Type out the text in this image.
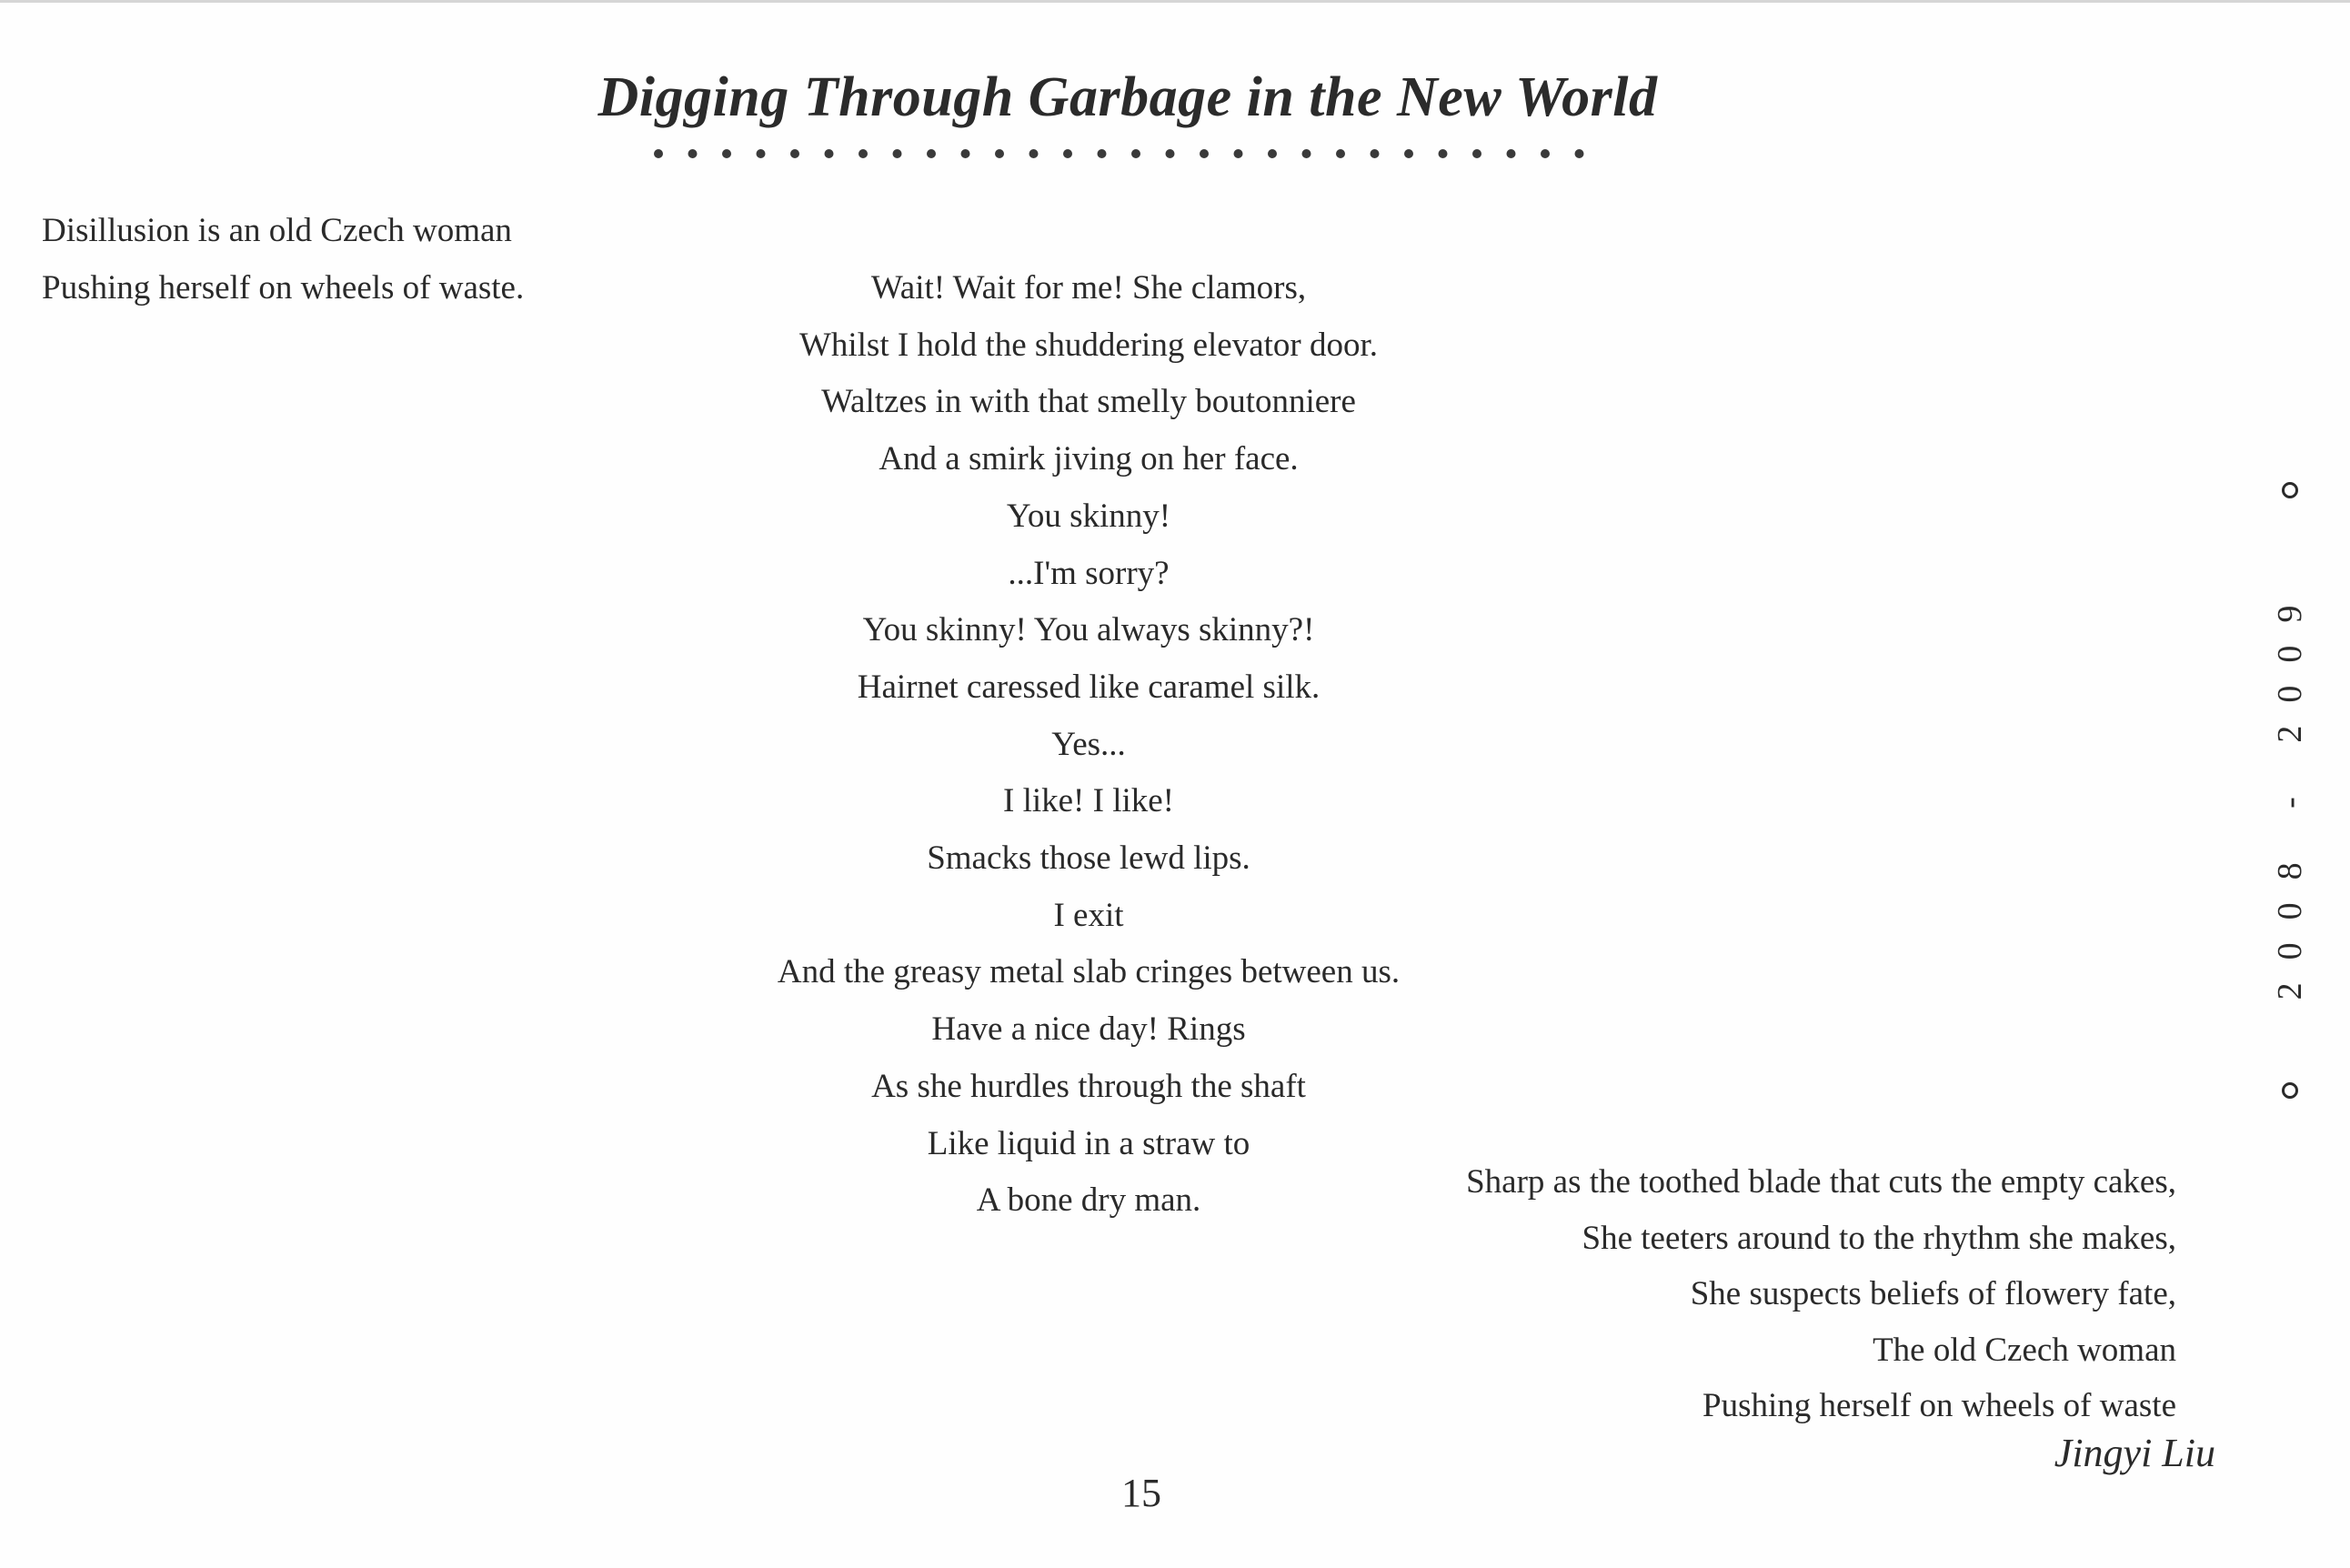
Digging Through Garbage in the New World
Disillusion is an old Czech woman
Pushing herself on wheels of waste.	Wait! Wait for me! She clamors,
Whilst I hold the shuddering elevator door.
Waltzes in with that smelly boutonniere
And a smirk jiving on her face.
You skinny!
...I'm sorry?
You skinny! You always skinny?!
Hairnet caressed like caramel silk.
Yes...
I like! I like!
Smacks those lewd lips.
I exit
And the greasy metal slab cringes between us.
Have a nice day! Rings
As she hurdles through the shaft
Like liquid in a straw to
A bone dry man.	Sharp as the toothed blade that cuts the empty cakes,
She teeters around to the rhythm she makes,
She suspects beliefs of flowery fate,
The old Czech woman
Pushing herself on wheels of waste
Jingyi Liu
15
2008 - 2009
